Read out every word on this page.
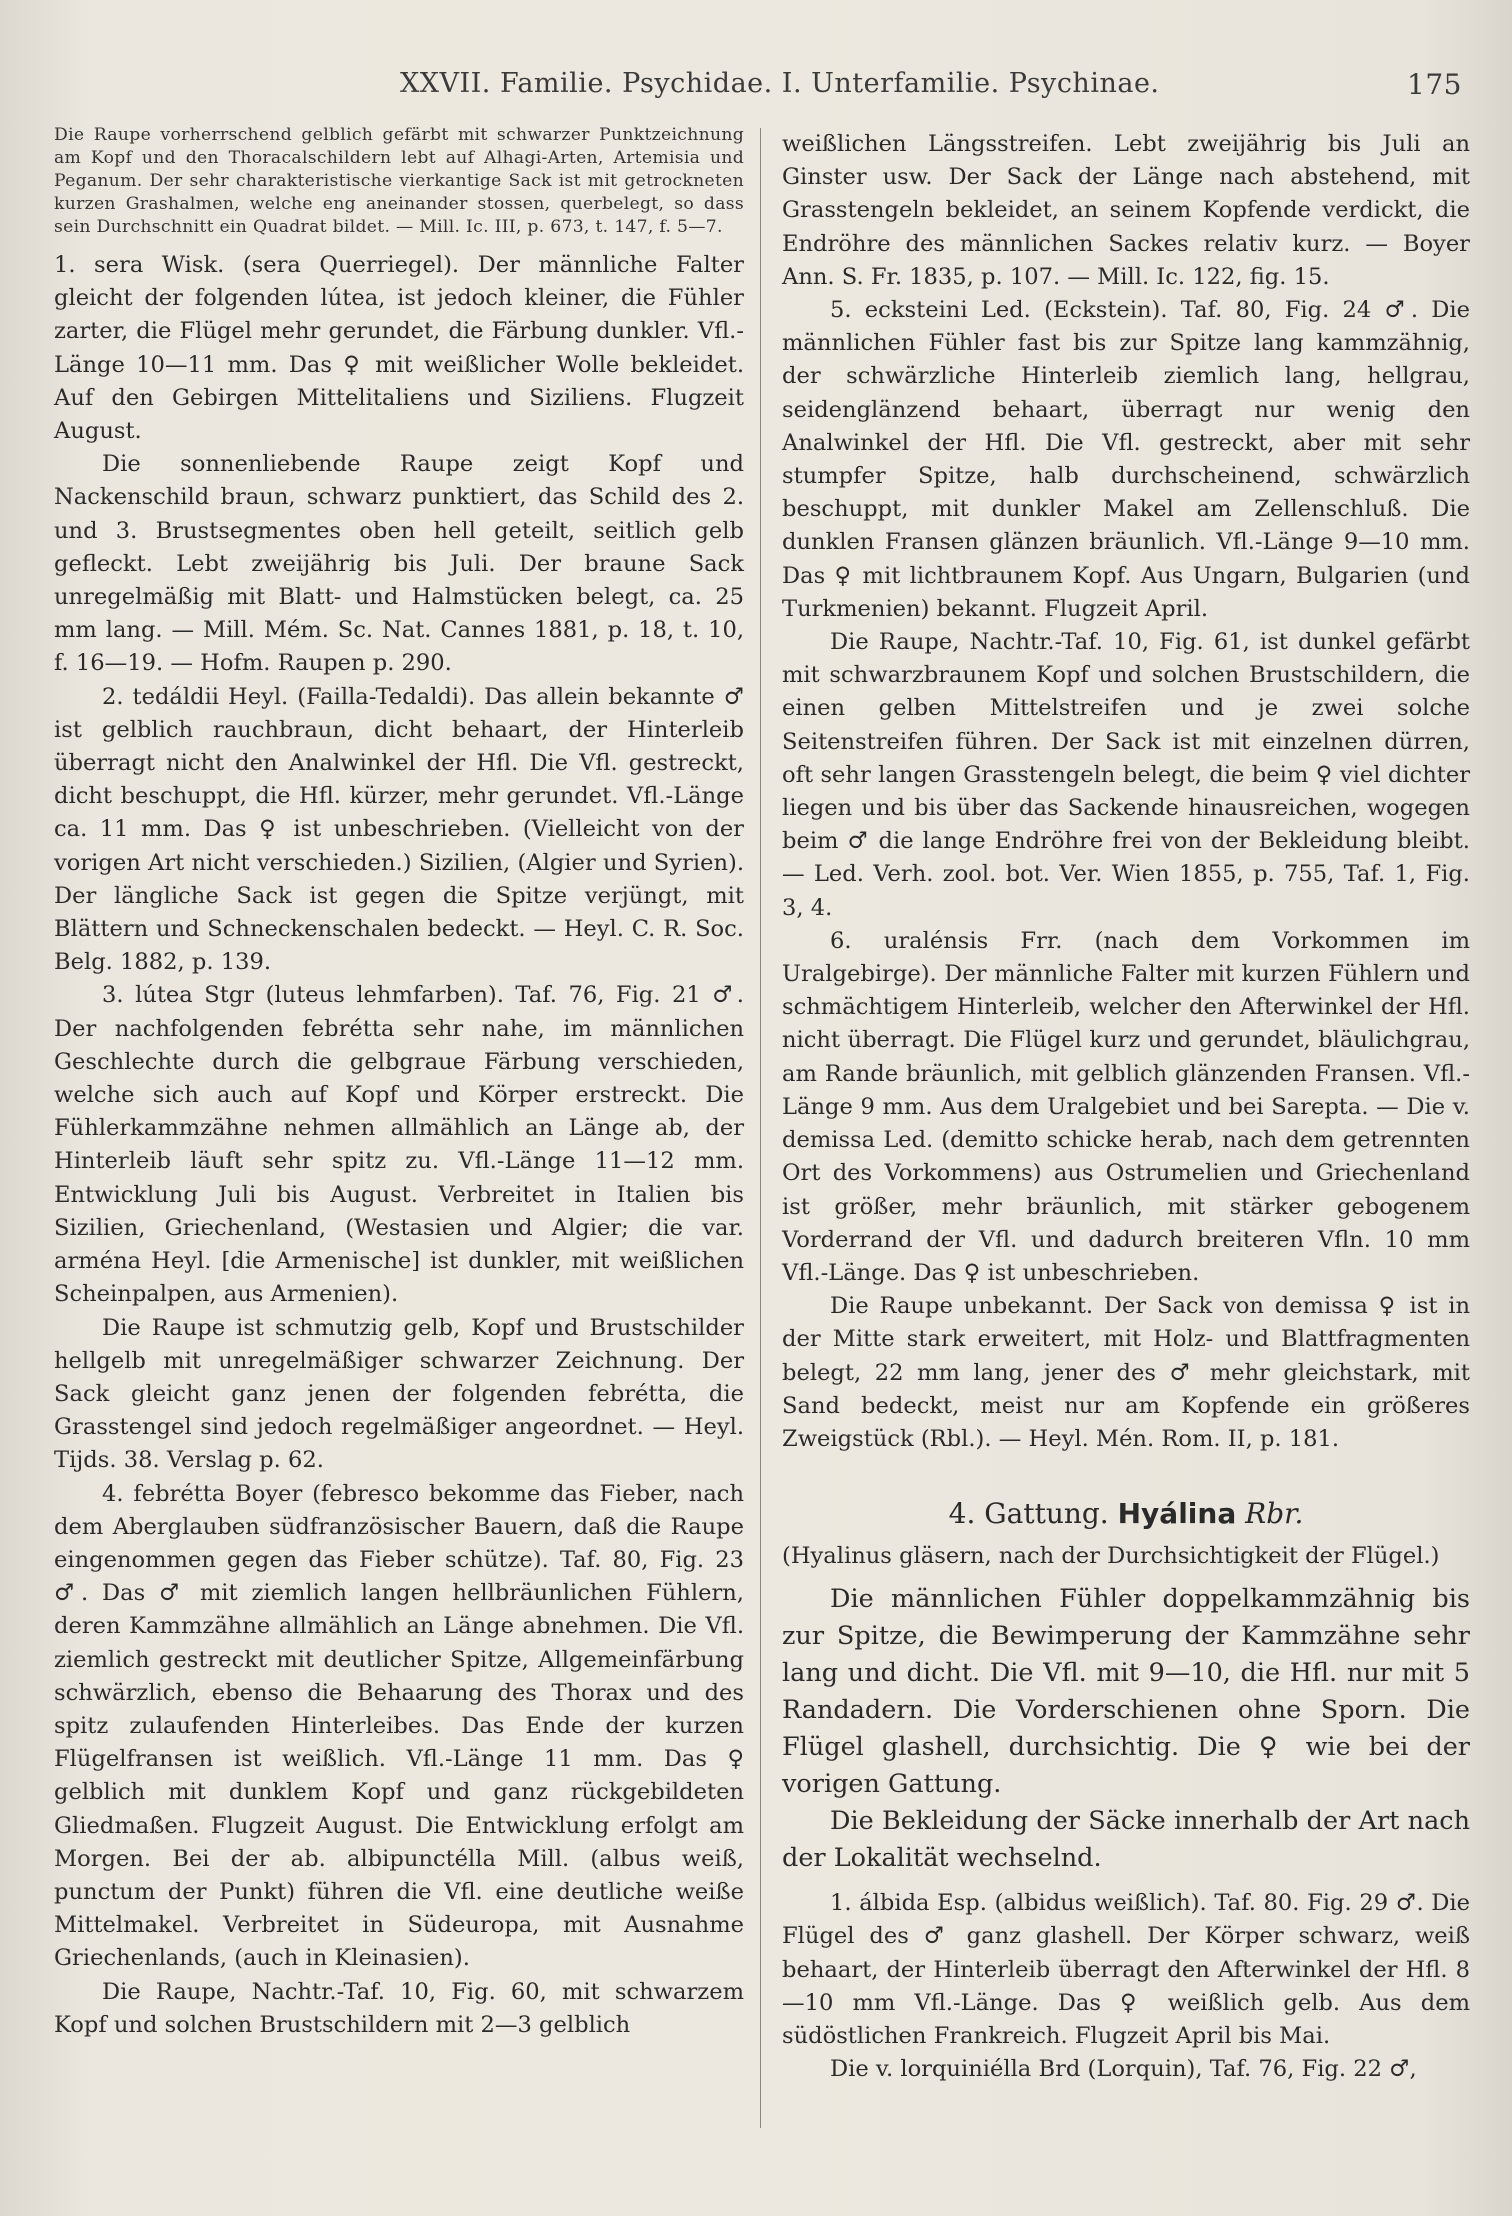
XXVII. Familie. Psychidae. I. Unterfamilie. Psychinae.	175

Die Raupe vorherrschend gelblich gefärbt mit schwarzer Punktzeichnung am Kopf und den Thoracalschildern lebt auf Alhagi-Arten, Artemisia und Peganum. Der sehr charakteristische vierkantige Sack ist mit getrockneten kurzen Grashalmen, welche eng aneinander stossen, querbelegt, so dass sein Durchschnitt ein Quadrat bildet. — Mill. Ic. III, p. 673, t. 147, f. 5—7.

1. sera Wisk. (sera Querriegel). Der männliche Falter gleicht der folgenden lútea, ist jedoch kleiner, die Fühler zarter, die Flügel mehr gerundet, die Färbung dunkler. Vfl.-Länge 10—11 mm. Das ♀ mit weißlicher Wolle bekleidet. Auf den Gebirgen Mittelitaliens und Siziliens. Flugzeit August.

Die sonnenliebende Raupe zeigt Kopf und Nackenschild braun, schwarz punktiert, das Schild des 2. und 3. Brustsegmentes oben hell geteilt, seitlich gelb gefleckt. Lebt zweijährig bis Juli. Der braune Sack unregelmäßig mit Blatt- und Halmstücken belegt, ca. 25 mm lang. — Mill. Mém. Sc. Nat. Cannes 1881, p. 18, t. 10, f. 16—19. — Hofm. Raupen p. 290.

2. tedáldii Heyl. (Failla-Tedaldi). Das allein bekannte ♂ ist gelblich rauchbraun, dicht behaart, der Hinterleib überragt nicht den Analwinkel der Hfl. Die Vfl. gestreckt, dicht beschuppt, die Hfl. kürzer, mehr gerundet. Vfl.-Länge ca. 11 mm. Das ♀ ist unbeschrieben. (Vielleicht von der vorigen Art nicht verschieden.) Sizilien, (Algier und Syrien). Der längliche Sack ist gegen die Spitze verjüngt, mit Blättern und Schneckenschalen bedeckt. — Heyl. C. R. Soc. Belg. 1882, p. 139.

3. lútea Stgr (luteus lehmfarben). Taf. 76, Fig. 21 ♂. Der nachfolgenden febrétta sehr nahe, im männlichen Geschlechte durch die gelbgraue Färbung verschieden, welche sich auch auf Kopf und Körper erstreckt. Die Fühlerkammzähne nehmen allmählich an Länge ab, der Hinterleib läuft sehr spitz zu. Vfl.-Länge 11—12 mm. Entwicklung Juli bis August. Verbreitet in Italien bis Sizilien, Griechenland, (Westasien und Algier; die var. arména Heyl. [die Armenische] ist dunkler, mit weißlichen Scheinpalpen, aus Armenien).

Die Raupe ist schmutzig gelb, Kopf und Brustschilder hellgelb mit unregelmäßiger schwarzer Zeichnung. Der Sack gleicht ganz jenen der folgenden febrétta, die Grasstengel sind jedoch regelmäßiger angeordnet. — Heyl. Tijds. 38. Verslag p. 62.

4. febrétta Boyer (febresco bekomme das Fieber, nach dem Aberglauben südfranzösischer Bauern, daß die Raupe eingenommen gegen das Fieber schütze). Taf. 80, Fig. 23 ♂. Das ♂ mit ziemlich langen hellbräunlichen Fühlern, deren Kammzähne allmählich an Länge abnehmen. Die Vfl. ziemlich gestreckt mit deutlicher Spitze, Allgemeinfärbung schwärzlich, ebenso die Behaarung des Thorax und des spitz zulaufenden Hinterleibes. Das Ende der kurzen Flügelfransen ist weißlich. Vfl.-Länge 11 mm. Das ♀ gelblich mit dunklem Kopf und ganz rückgebildeten Gliedmaßen. Flugzeit August. Die Entwicklung erfolgt am Morgen. Bei der ab. albipunctélla Mill. (albus weiß, punctum der Punkt) führen die Vfl. eine deutliche weiße Mittelmakel. Verbreitet in Südeuropa, mit Ausnahme Griechenlands, (auch in Kleinasien).

Die Raupe, Nachtr.-Taf. 10, Fig. 60, mit schwarzem Kopf und solchen Brustschildern mit 2—3 gelblich

weißlichen Längsstreifen. Lebt zweijährig bis Juli an Ginster usw. Der Sack der Länge nach abstehend, mit Grasstengeln bekleidet, an seinem Kopfende verdickt, die Endröhre des männlichen Sackes relativ kurz. — Boyer Ann. S. Fr. 1835, p. 107. — Mill. Ic. 122, fig. 15.

5. ecksteini Led. (Eckstein). Taf. 80, Fig. 24 ♂. Die männlichen Fühler fast bis zur Spitze lang kammzähnig, der schwärzliche Hinterleib ziemlich lang, hellgrau, seidenglänzend behaart, überragt nur wenig den Analwinkel der Hfl. Die Vfl. gestreckt, aber mit sehr stumpfer Spitze, halb durchscheinend, schwärzlich beschuppt, mit dunkler Makel am Zellenschluß. Die dunklen Fransen glänzen bräunlich. Vfl.-Länge 9—10 mm. Das ♀ mit lichtbraunem Kopf. Aus Ungarn, Bulgarien (und Turkmenien) bekannt. Flugzeit April.

Die Raupe, Nachtr.-Taf. 10, Fig. 61, ist dunkel gefärbt mit schwarzbraunem Kopf und solchen Brustschildern, die einen gelben Mittelstreifen und je zwei solche Seitenstreifen führen. Der Sack ist mit einzelnen dürren, oft sehr langen Grasstengeln belegt, die beim ♀ viel dichter liegen und bis über das Sackende hinausreichen, wogegen beim ♂ die lange Endröhre frei von der Bekleidung bleibt. — Led. Verh. zool. bot. Ver. Wien 1855, p. 755, Taf. 1, Fig. 3, 4.

6. uralénsis Frr. (nach dem Vorkommen im Uralgebirge). Der männliche Falter mit kurzen Fühlern und schmächtigem Hinterleib, welcher den Afterwinkel der Hfl. nicht überragt. Die Flügel kurz und gerundet, bläulichgrau, am Rande bräunlich, mit gelblich glänzenden Fransen. Vfl.-Länge 9 mm. Aus dem Uralgebiet und bei Sarepta. — Die v. demissa Led. (demitto schicke herab, nach dem getrennten Ort des Vorkommens) aus Ostrumelien und Griechenland ist größer, mehr bräunlich, mit stärker gebogenem Vorderrand der Vfl. und dadurch breiteren Vfln. 10 mm Vfl.-Länge. Das ♀ ist unbeschrieben.

Die Raupe unbekannt. Der Sack von demissa ♀ ist in der Mitte stark erweitert, mit Holz- und Blattfragmenten belegt, 22 mm lang, jener des ♂ mehr gleichstark, mit Sand bedeckt, meist nur am Kopfende ein größeres Zweigstück (Rbl.). — Heyl. Mén. Rom. II, p. 181.

4. Gattung. Hyálina Rbr.

(Hyalinus gläsern, nach der Durchsichtigkeit der Flügel.)

Die männlichen Fühler doppelkammzähnig bis zur Spitze, die Bewimperung der Kammzähne sehr lang und dicht. Die Vfl. mit 9—10, die Hfl. nur mit 5 Randadern. Die Vorderschienen ohne Sporn. Die Flügel glashell, durchsichtig. Die ♀ wie bei der vorigen Gattung.

Die Bekleidung der Säcke innerhalb der Art nach der Lokalität wechselnd.

1. álbida Esp. (albidus weißlich). Taf. 80. Fig. 29 ♂. Die Flügel des ♂ ganz glashell. Der Körper schwarz, weiß behaart, der Hinterleib überragt den Afterwinkel der Hfl. 8—10 mm Vfl.-Länge. Das ♀ weißlich gelb. Aus dem südöstlichen Frankreich. Flugzeit April bis Mai.

Die v. lorquiniélla Brd (Lorquin), Taf. 76, Fig. 22 ♂,
